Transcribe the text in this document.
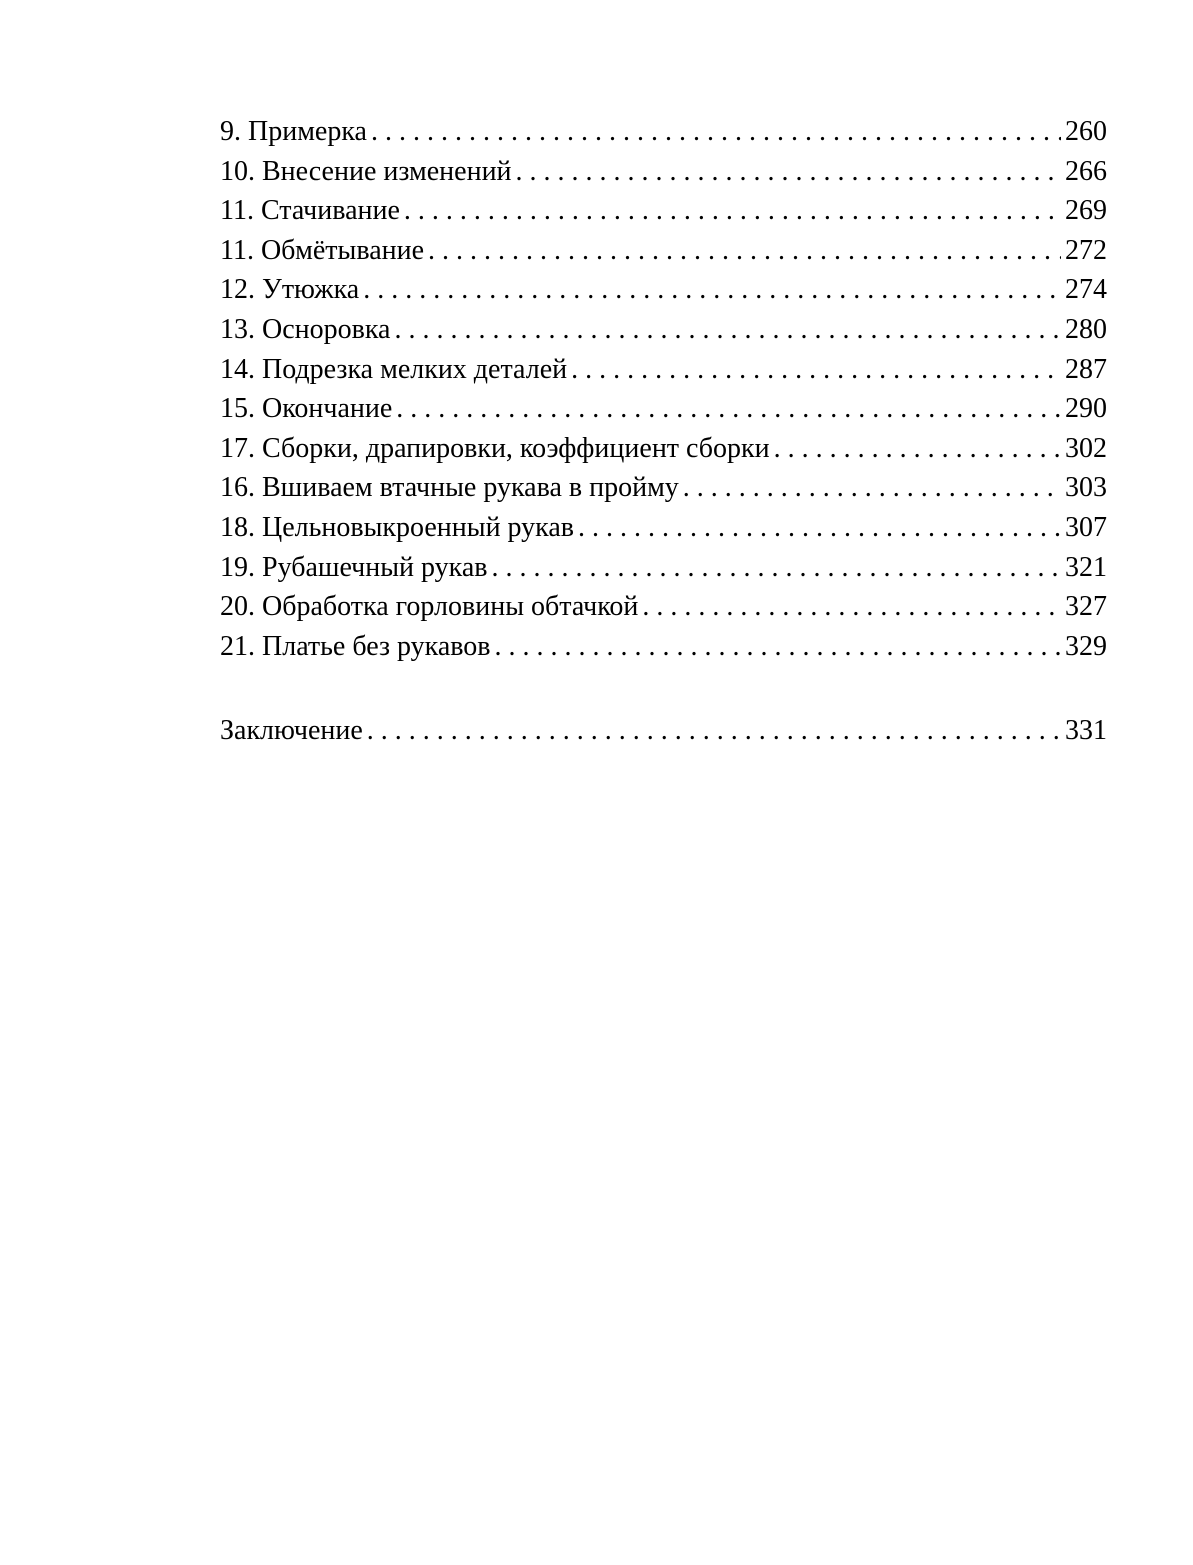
9. Примерка . . .	260
10. Внесение изменений . . .	266
11. Стачивание . . .	269
11. Обмётывание . . .	272
12. Утюжка . . .	274
13. Осноровка . . .	280
14. Подрезка мелких деталей . . .	287
15. Окончание . . .	290
17. Сборки, драпировки, коэффициент сборки . . .	302
16. Вшиваем втачные рукава в пройму . . .	303
18. Цельновыкроенный рукав . . .	307
19. Рубашечный рукав . . .	321
20. Обработка горловины обтачкой . . .	327
21. Платье без рукавов . . .	329
Заключение . . .	331
